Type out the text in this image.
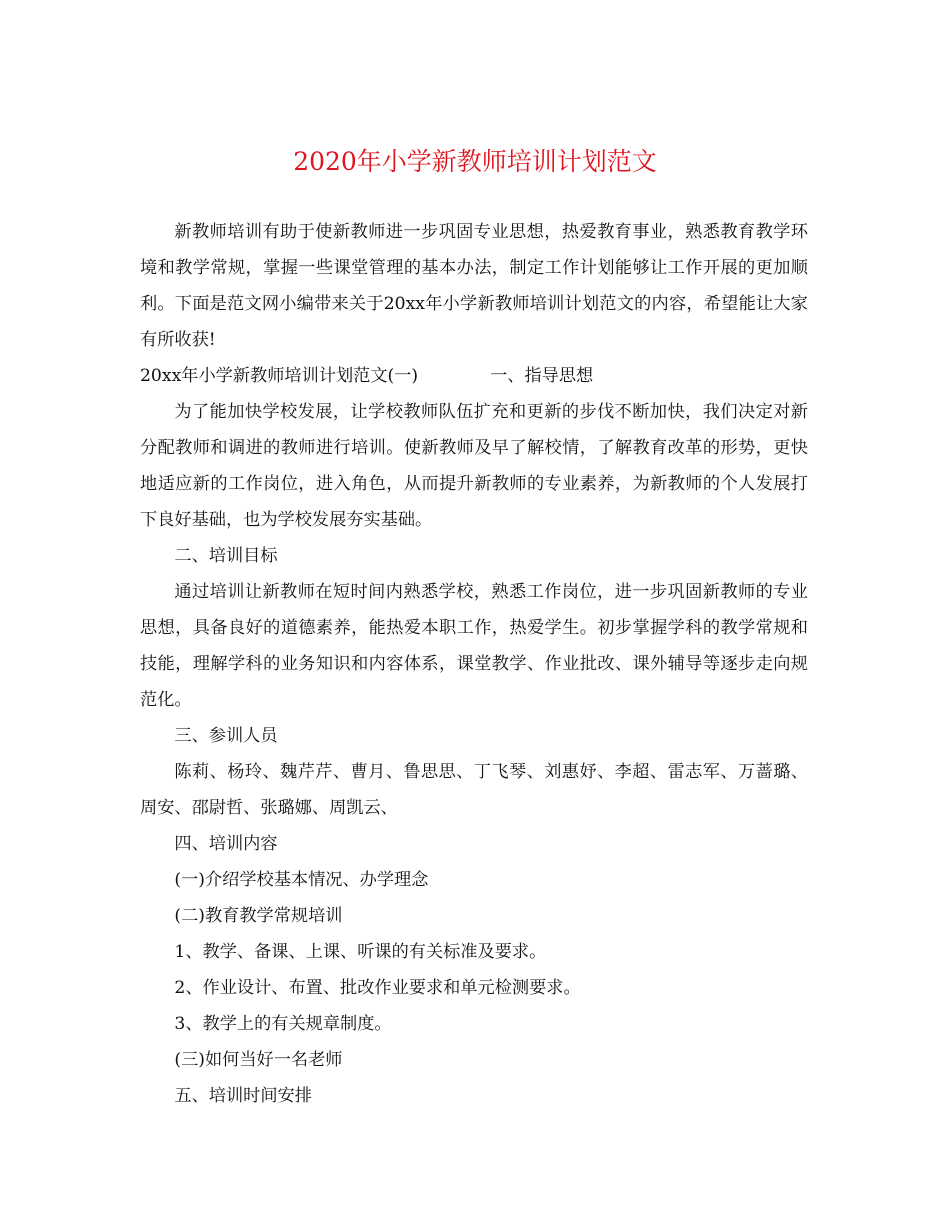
2020年小学新教师培训计划范文

新教师培训有助于使新教师进一步巩固专业思想，热爱教育事业，熟悉教育教学环境和教学常规，掌握一些课堂管理的基本办法，制定工作计划能够让工作开展的更加顺利。下面是范文网小编带来关于20xx年小学新教师培训计划范文的内容，希望能让大家有所收获!

20xx年小学新教师培训计划范文(一)	一、指导思想

为了能加快学校发展，让学校教师队伍扩充和更新的步伐不断加快，我们决定对新分配教师和调进的教师进行培训。使新教师及早了解校情，了解教育改革的形势，更快地适应新的工作岗位，进入角色，从而提升新教师的专业素养，为新教师的个人发展打下良好基础，也为学校发展夯实基础。

二、培训目标

通过培训让新教师在短时间内熟悉学校，熟悉工作岗位，进一步巩固新教师的专业思想，具备良好的道德素养，能热爱本职工作，热爱学生。初步掌握学科的教学常规和技能，理解学科的业务知识和内容体系，课堂教学、作业批改、课外辅导等逐步走向规范化。

三、参训人员

陈莉、杨玲、魏芹芹、曹月、鲁思思、丁飞琴、刘惠妤、李超、雷志军、万蔷璐、周安、邵尉哲、张璐娜、周凯云、

四、培训内容

(一)介绍学校基本情况、办学理念

(二)教育教学常规培训

1、教学、备课、上课、听课的有关标准及要求。

2、作业设计、布置、批改作业要求和单元检测要求。

3、教学上的有关规章制度。

(三)如何当好一名老师

五、培训时间安排
